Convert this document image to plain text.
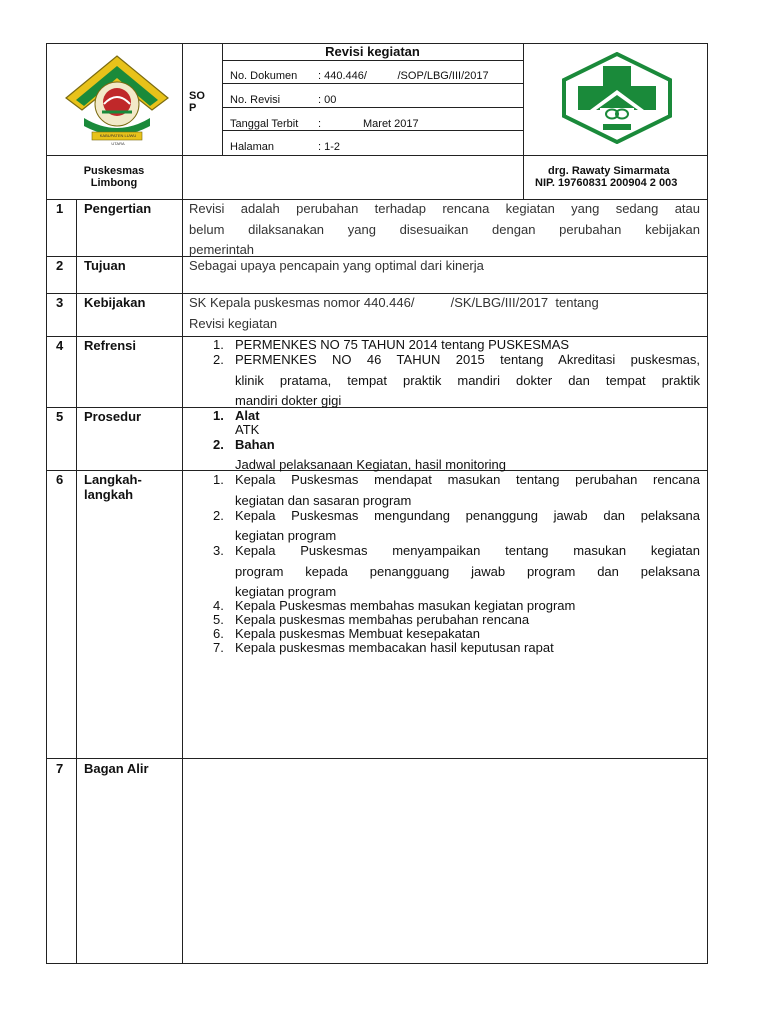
KABUPATEN LUWU UTARA
SO
P
Revisi kegiatan
No. Dokumen : 440.446/          /SOP/LBG/III/2017
No. Revisi	: 00
Tanggal Terbit :	Maret 2017
Halaman	: 1-2
Puskesmas
Limbong
drg. Rawaty Simarmata
NIP. 19760831 200904 2 003
1 Pengertian	Revisi adalah perubahan terhadap rencana kegiatan yang sedang atau
belum dilaksanakan yang disesuaikan dengan perubahan kebijakan
pemerintah
2 Tujuan	Sebagai upaya pencapain yang optimal dari kinerja
3 Kebijakan	SK Kepala puskesmas nomor 440.446/          /SK/LBG/III/2017  tentang
Revisi kegiatan
4 Refrensi	1. PERMENKES NO 75 TAHUN 2014 tentang PUSKESMAS
2. PERMENKES NO 46 TAHUN 2015 tentang Akreditasi puskesmas,
klinik pratama, tempat praktik mandiri dokter dan tempat praktik
mandiri dokter gigi
5 Prosedur	1. Alat
ATK
2. Bahan
Jadwal pelaksanaan Kegiatan, hasil monitoring
6 Langkah-
langkah
1. Kepala Puskesmas mendapat masukan tentang perubahan rencana
kegiatan dan sasaran program
2. Kepala Puskesmas mengundang penanggung jawab dan pelaksana
kegiatan program
3. Kepala Puskesmas menyampaikan tentang masukan kegiatan
program kepada penangguang jawab program dan pelaksana
kegiatan program
4. Kepala Puskesmas membahas masukan kegiatan program
5. Kepala puskesmas membahas perubahan rencana
6. Kepala puskesmas Membuat kesepakatan
7. Kepala puskesmas membacakan hasil keputusan rapat
7 Bagan Alir
